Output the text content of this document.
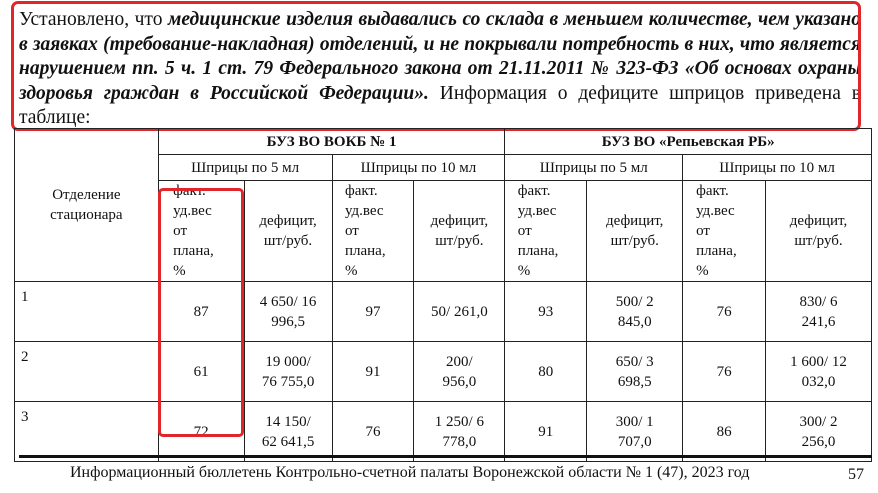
Установлено, что медицинские изделия выдавались со склада в меньшем количестве, чем указано в заявках (требование-накладная) отделений, и не покрывали потребность в них, что является нарушением пп. 5 ч. 1 ст. 79 Федерального закона от 21.11.2011 № 323-ФЗ «Об основах охраны здоровья граждан в Российской Федерации». Информация о дефиците шприцов приведена в таблице:
Отделение стационара	БУЗ ВО ВОКБ № 1				БУЗ ВО «Репьевская РБ»			
	Шприцы по 5 мл		Шприцы по 10 мл		Шприцы по 5 мл		Шприцы по 10 мл	

	факт. уд.вес от плана, %	дефицит, шт/руб.	факт. уд.вес от плана, %	дефицит, шт/руб.	факт. уд.вес от плана, %	дефицит, шт/руб.	факт. уд.вес от плана, %	дефицит, шт/руб.

1	87	4 650/ 16 996,5	97	50/ 261,0	93	500/ 2 845,0	76	830/ 6 241,6

2	61	19 000/ 76 755,0	91	200/ 956,0	80	650/ 3 698,5	76	1 600/ 12 032,0

3	72	14 150/ 62 641,5	76	1 250/ 6 778,0	91	300/ 1 707,0	86	300/ 2 256,0
Информационный бюллетень Контрольно-счетной палаты Воронежской области № 1 (47), 2023 год	57
